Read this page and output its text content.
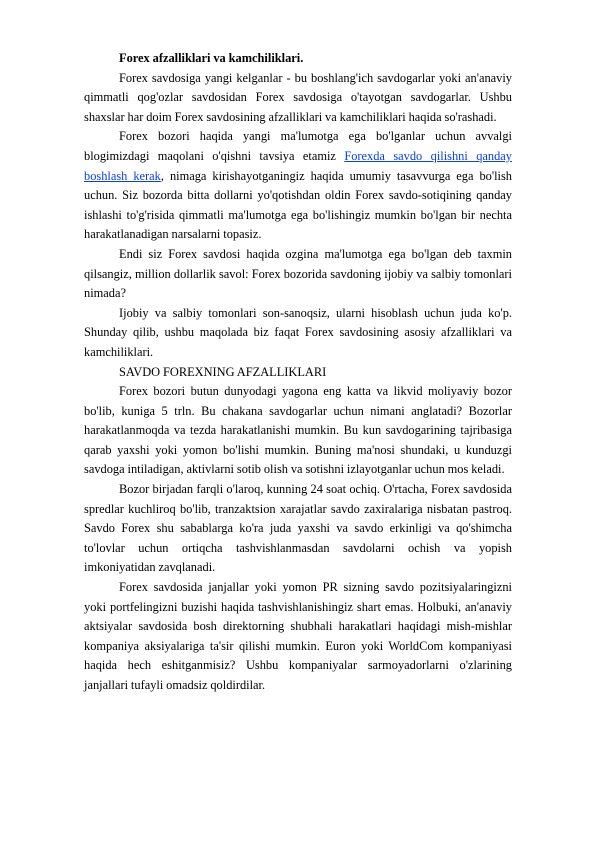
Forex afzalliklari va kamchiliklari.

Forex savdosiga yangi kelganlar - bu boshlang'ich savdogarlar yoki an'anaviy qimmatli qog'ozlar savdosidan Forex savdosiga o'tayotgan savdogarlar. Ushbu shaxslar har doim Forex savdosining afzalliklari va kamchiliklari haqida so'rashadi.

Forex bozori haqida yangi ma'lumotga ega bo'lganlar uchun avvalgi blogimizdagi maqolani o'qishni tavsiya etamiz Forexda savdo qilishni qanday boshlash kerak, nimaga kirishayotganingiz haqida umumiy tasavvurga ega bo'lish uchun. Siz bozorda bitta dollarni yo'qotishdan oldin Forex savdo-sotiqining qanday ishlashi to'g'risida qimmatli ma'lumotga ega bo'lishingiz mumkin bo'lgan bir nechta harakatlanadigan narsalarni topasiz.

Endi siz Forex savdosi haqida ozgina ma'lumotga ega bo'lgan deb taxmin qilsangiz, million dollarlik savol: Forex bozorida savdoning ijobiy va salbiy tomonlari nimada?

Ijobiy va salbiy tomonlari son-sanoqsiz, ularni hisoblash uchun juda ko'p. Shunday qilib, ushbu maqolada biz faqat Forex savdosining asosiy afzalliklari va kamchiliklari.

SAVDO FOREXNING AFZALLIKLARI

Forex bozori butun dunyodagi yagona eng katta va likvid moliyaviy bozor bo'lib, kuniga 5 trln. Bu chakana savdogarlar uchun nimani anglatadi? Bozorlar harakatlanmoqda va tezda harakatlanishi mumkin. Bu kun savdogarining tajribasiga qarab yaxshi yoki yomon bo'lishi mumkin. Buning ma'nosi shundaki, u kunduzgi savdoga intiladigan, aktivlarni sotib olish va sotishni izlayotganlar uchun mos keladi.

Bozor birjadan farqli o'laroq, kunning 24 soat ochiq. O'rtacha, Forex savdosida spredlar kuchliroq bo'lib, tranzaktsion xarajatlar savdo zaxiralariga nisbatan pastroq. Savdo Forex shu sabablarga ko'ra juda yaxshi va savdo erkinligi va qo'shimcha to'lovlar uchun ortiqcha tashvishlanmasdan savdolarni ochish va yopish imkoniyatidan zavqlanadi.

Forex savdosida janjallar yoki yomon PR sizning savdo pozitsiyalaringizni yoki portfelingizni buzishi haqida tashvishlanishingiz shart emas. Holbuki, an'anaviy aktsiyalar savdosida bosh direktorning shubhali harakatlari haqidagi mish-mishlar kompaniya aksiyalariga ta'sir qilishi mumkin. Euron yoki WorldCom kompaniyasi haqida hech eshitganmisiz? Ushbu kompaniyalar sarmoyadorlarni o'zlarining janjallari tufayli omadsiz qoldirdilar.
